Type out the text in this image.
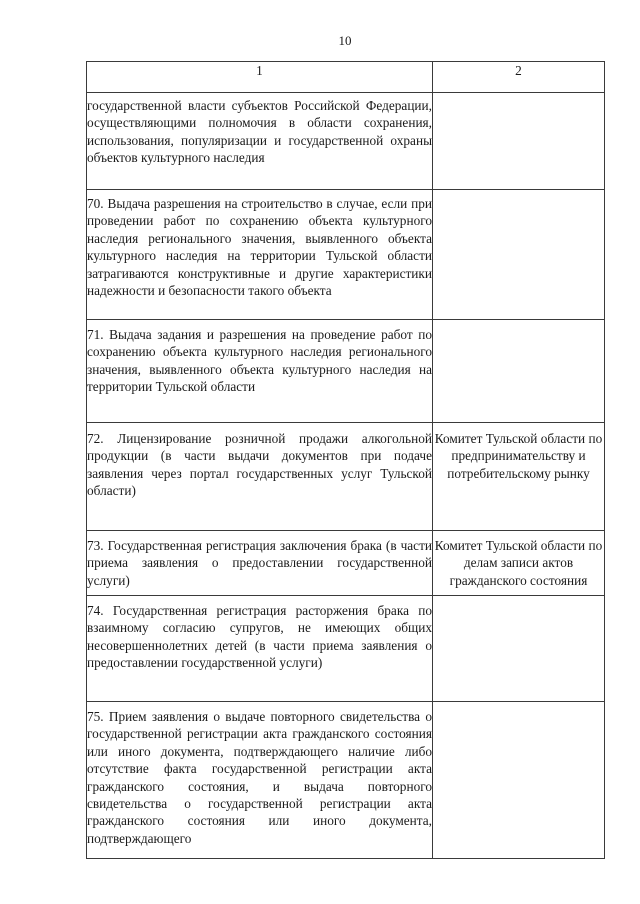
10
1	2

государственной власти субъектов Российской Федерации, осуществляющими полномочия в области сохранения, использования, популяризации и государственной охраны объектов культурного наследия	

70. Выдача разрешения на строительство в случае, если при проведении работ по сохранению объекта культурного наследия регионального значения, выявленного объекта культурного наследия на территории Тульской области затрагиваются конструктивные и другие характеристики надежности и безопасности такого объекта	

71. Выдача задания и разрешения на проведение работ по сохранению объекта культурного наследия регионального значения, выявленного объекта культурного наследия на территории Тульской области	

72. Лицензирование розничной продажи алкогольной продукции (в части выдачи документов при подаче заявления через портал государственных услуг Тульской области)	Комитет Тульской области по предпринимательству и потребительскому рынку

73. Государственная регистрация заключения брака (в части приема заявления о предоставлении государственной услуги)	Комитет Тульской области по делам записи актов гражданского состояния

74. Государственная регистрация расторжения брака по взаимному согласию супругов, не имеющих общих несовершеннолетних детей (в части приема заявления о предоставлении государственной услуги)	

75. Прием заявления о выдаче повторного свидетельства о государственной регистрации акта гражданского состояния или иного документа, подтверждающего наличие либо отсутствие факта государственной регистрации акта гражданского состояния, и выдача повторного свидетельства о государственной регистрации акта гражданского состояния или иного документа, подтверждающего	
